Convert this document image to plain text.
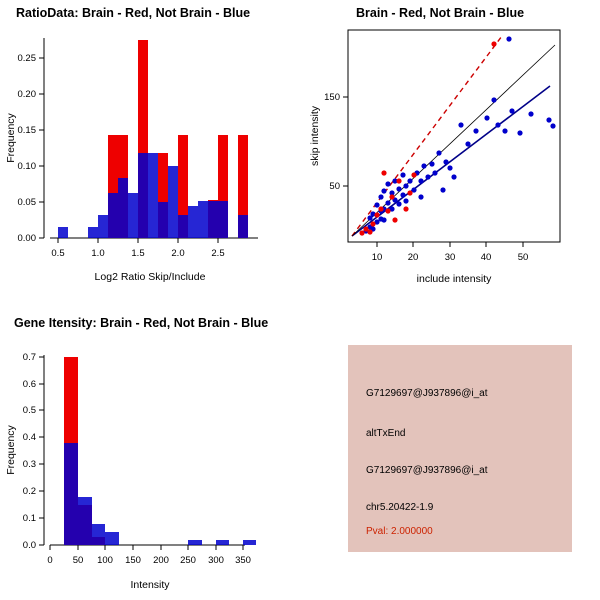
RatioData: Brain - Red, Not Brain - Blue
0.00
0.05
0.10
0.15
0.20
0.25
0.5	1.0	1.5	2.0	2.5
Log2 Ratio Skip/Include
Frequency
Brain - Red, Not Brain - Blue
50
150
10	20	30	40	50
include intensity
skip intensity
Gene Itensity: Brain - Red, Not Brain - Blue
0.0
0.1
0.2
0.3
0.4
0.5
0.6
0.7
0 50 100 150 200 250 300 350
Intensity
Frequency
G7129697@J937896@i_at
altTxEnd
G7129697@J937896@i_at
chr5.20422-1.9
Pval: 2.000000
